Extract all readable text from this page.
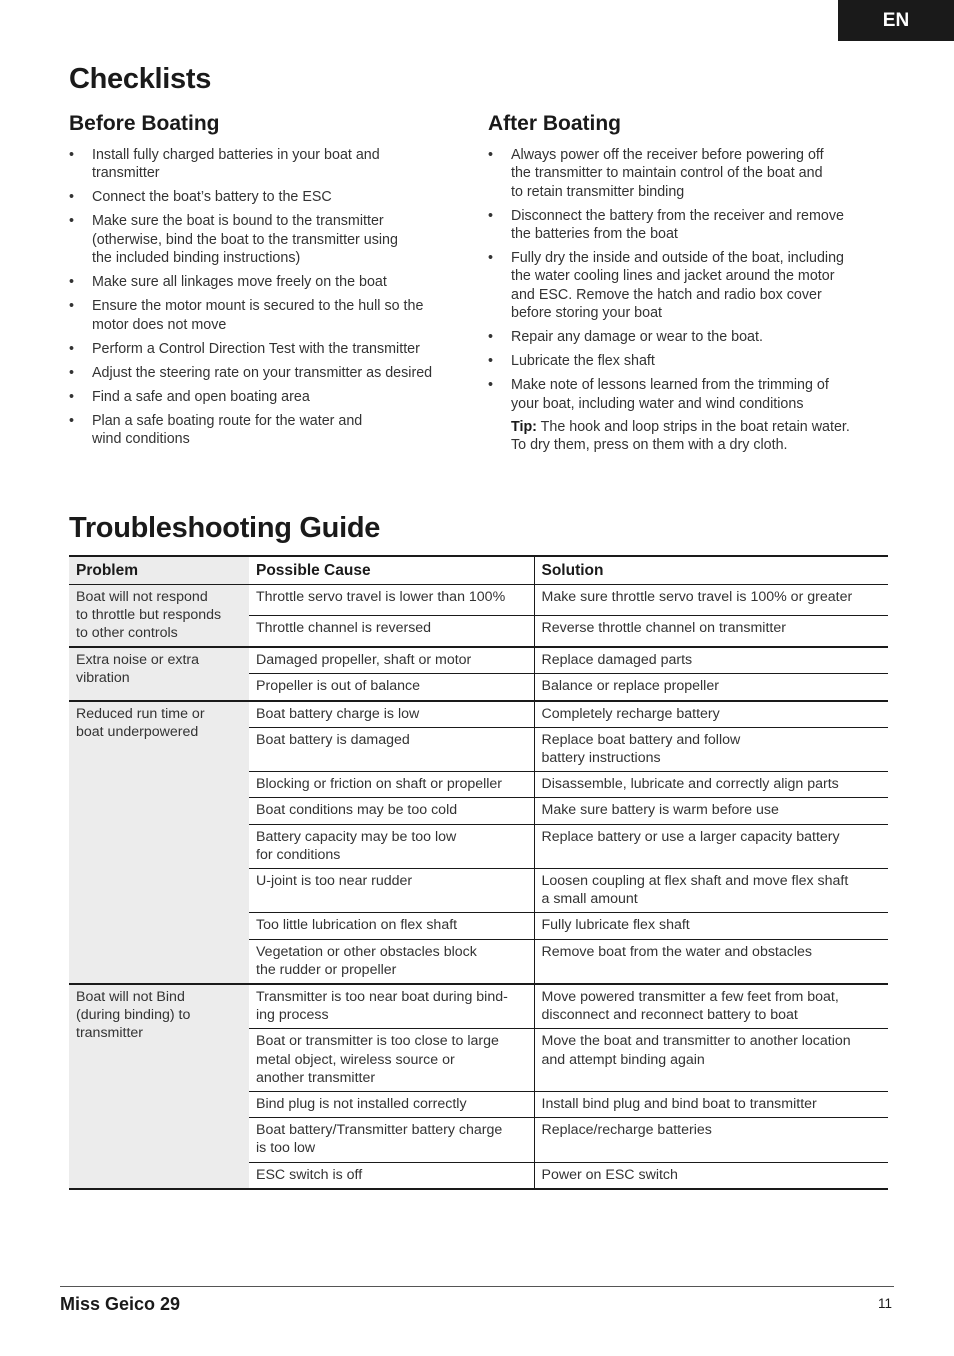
EN
Checklists
Before Boating
• Install fully charged batteries in your boat and
transmitter
• Connect the boat’s battery to the ESC
• Make sure the boat is bound to the transmitter
(otherwise, bind the boat to the transmitter using
the included binding instructions)
• Make sure all linkages move freely on the boat
• Ensure the motor mount is secured to the hull so the
motor does not move
• Perform a Control Direction Test with the transmitter
• Adjust the steering rate on your transmitter as desired
• Find a safe and open boating area
• Plan a safe boating route for the water and
wind conditions
After Boating
• Always power off the receiver before powering off
the transmitter to maintain control of the boat and
to retain transmitter binding
• Disconnect the battery from the receiver and remove
the batteries from the boat
• Fully dry the inside and outside of the boat, including
the water cooling lines and jacket around the motor
and ESC. Remove the hatch and radio box cover
before storing your boat
• Repair any damage or wear to the boat.
• Lubricate the flex shaft
• Make note of lessons learned from the trimming of
your boat, including water and wind conditions
Tip: The hook and loop strips in the boat retain water.
To dry them, press on them with a dry cloth.
Troubleshooting Guide
Problem	Possible Cause	Solution
Boat will not respond
to throttle but responds
to other controls	Throttle servo travel is lower than 100%	Make sure throttle servo travel is 100% or greater
	Throttle channel is reversed	Reverse throttle channel on transmitter
Extra noise or extra
vibration	Damaged propeller, shaft or motor	Replace damaged parts
	Propeller is out of balance	Balance or replace propeller
Reduced run time or
boat underpowered	Boat battery charge is low	Completely recharge battery
	Boat battery is damaged	Replace boat battery and follow
battery instructions
	Blocking or friction on shaft or propeller	Disassemble, lubricate and correctly align parts
	Boat conditions may be too cold	Make sure battery is warm before use
	Battery capacity may be too low
for conditions	Replace battery or use a larger capacity battery
	U-joint is too near rudder	Loosen coupling at flex shaft and move flex shaft
a small amount
	Too little lubrication on flex shaft	Fully lubricate flex shaft
	Vegetation or other obstacles block
the rudder or propeller	Remove boat from the water and obstacles
Boat will not Bind
(during binding) to
transmitter	Transmitter is too near boat during bind-
ing process	Move powered transmitter a few feet from boat,
disconnect and reconnect battery to boat
	Boat or transmitter is too close to large
metal object, wireless source or
another transmitter	Move the boat and transmitter to another location
and attempt binding again
	Bind plug is not installed correctly	Install bind plug and bind boat to transmitter
	Boat battery/Transmitter battery charge
is too low	Replace/recharge batteries
	ESC switch is off	Power on ESC switch
Miss Geico 29	11
